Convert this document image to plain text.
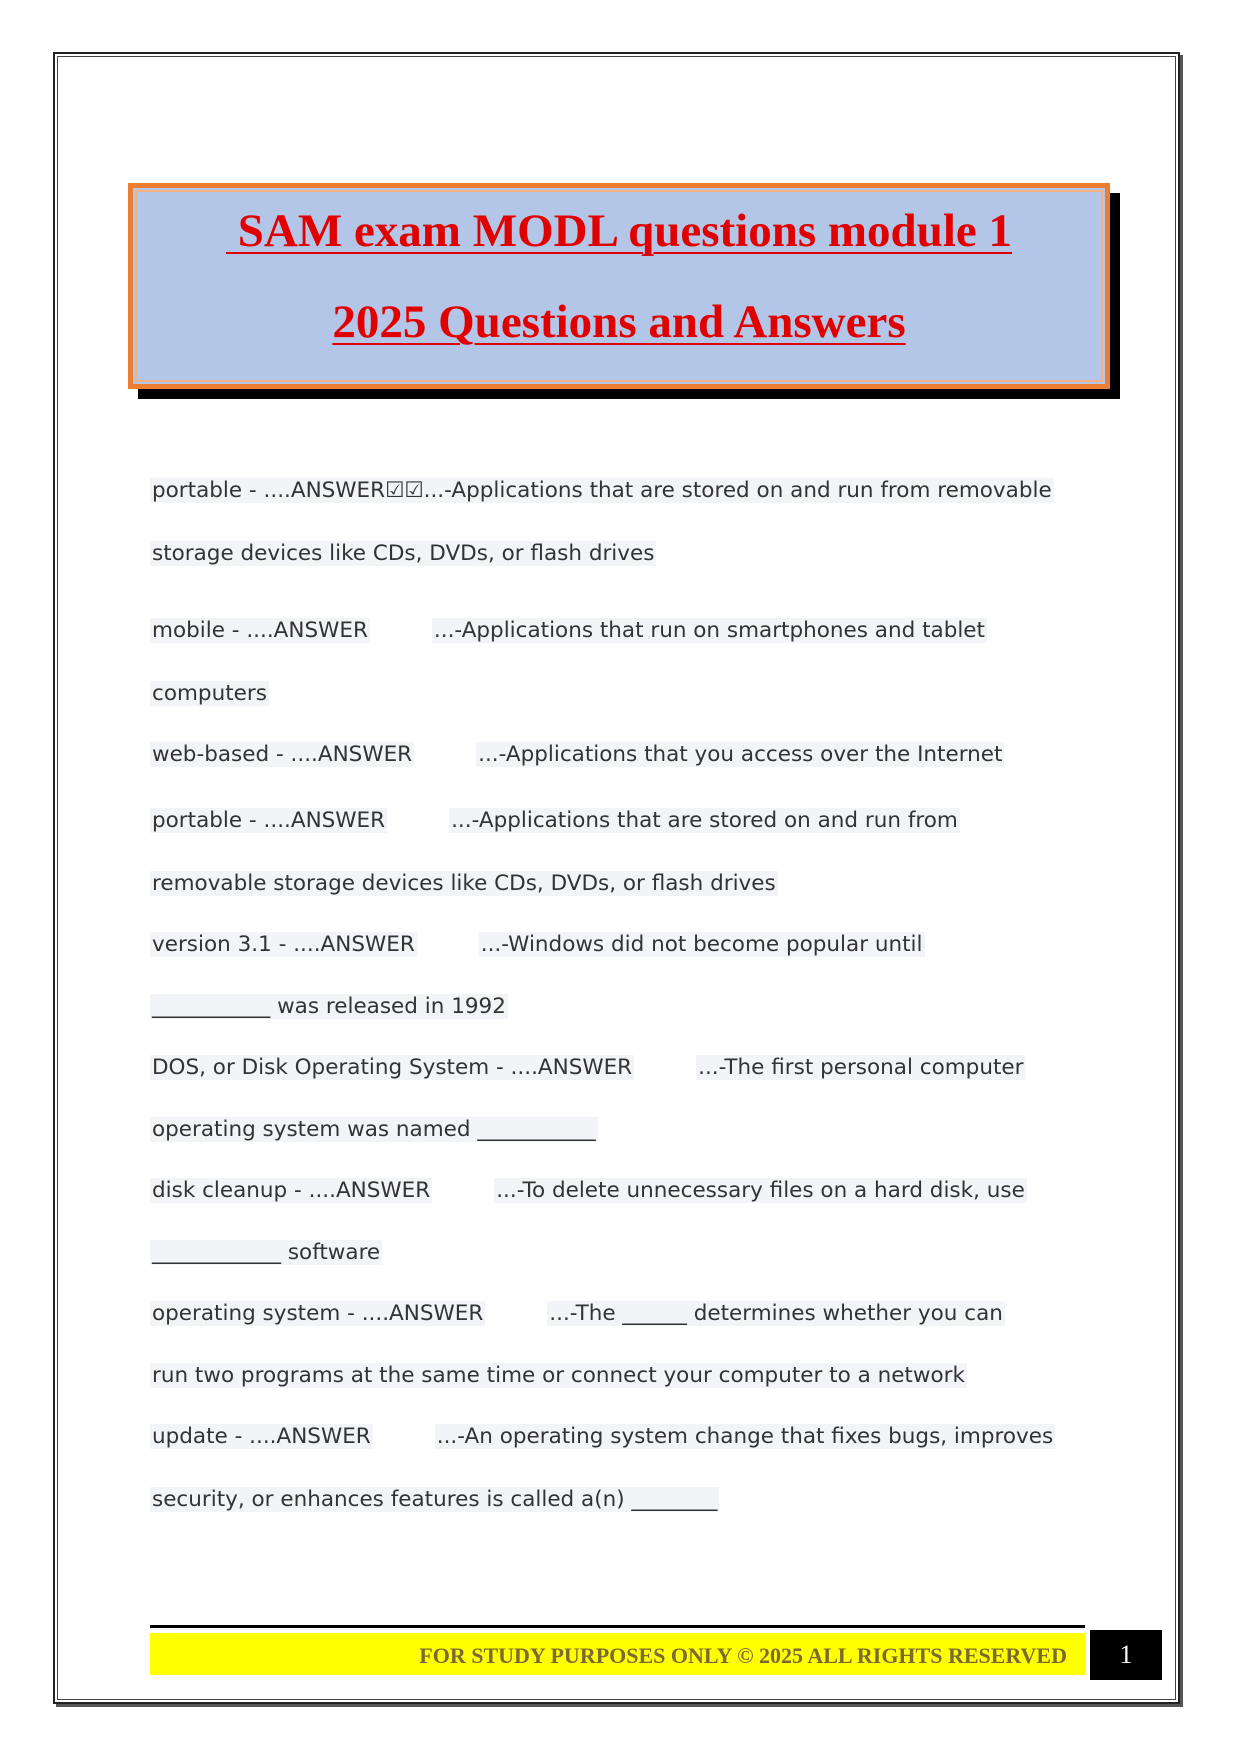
SAM exam MODL questions module 1
2025 Questions and Answers
portable - ....ANSWER☑☑...-Applications that are stored on and run from removable
storage devices like CDs, DVDs, or flash drives
mobile - ....ANSWER	...-Applications that run on smartphones and tablet
computers
web-based - ....ANSWER	...-Applications that you access over the Internet
portable - ....ANSWER	...-Applications that are stored on and run from
removable storage devices like CDs, DVDs, or flash drives
version 3.1 - ....ANSWER	...-Windows did not become popular until
___________ was released in 1992
DOS, or Disk Operating System - ....ANSWER	...-The first personal computer
operating system was named ___________
disk cleanup - ....ANSWER	...-To delete unnecessary files on a hard disk, use
____________ software
operating system - ....ANSWER	...-The ______ determines whether you can
run two programs at the same time or connect your computer to a network
update - ....ANSWER	...-An operating system change that fixes bugs, improves
security, or enhances features is called a(n) ________
FOR STUDY PURPOSES ONLY © 2025 ALL RIGHTS RESERVED	1
